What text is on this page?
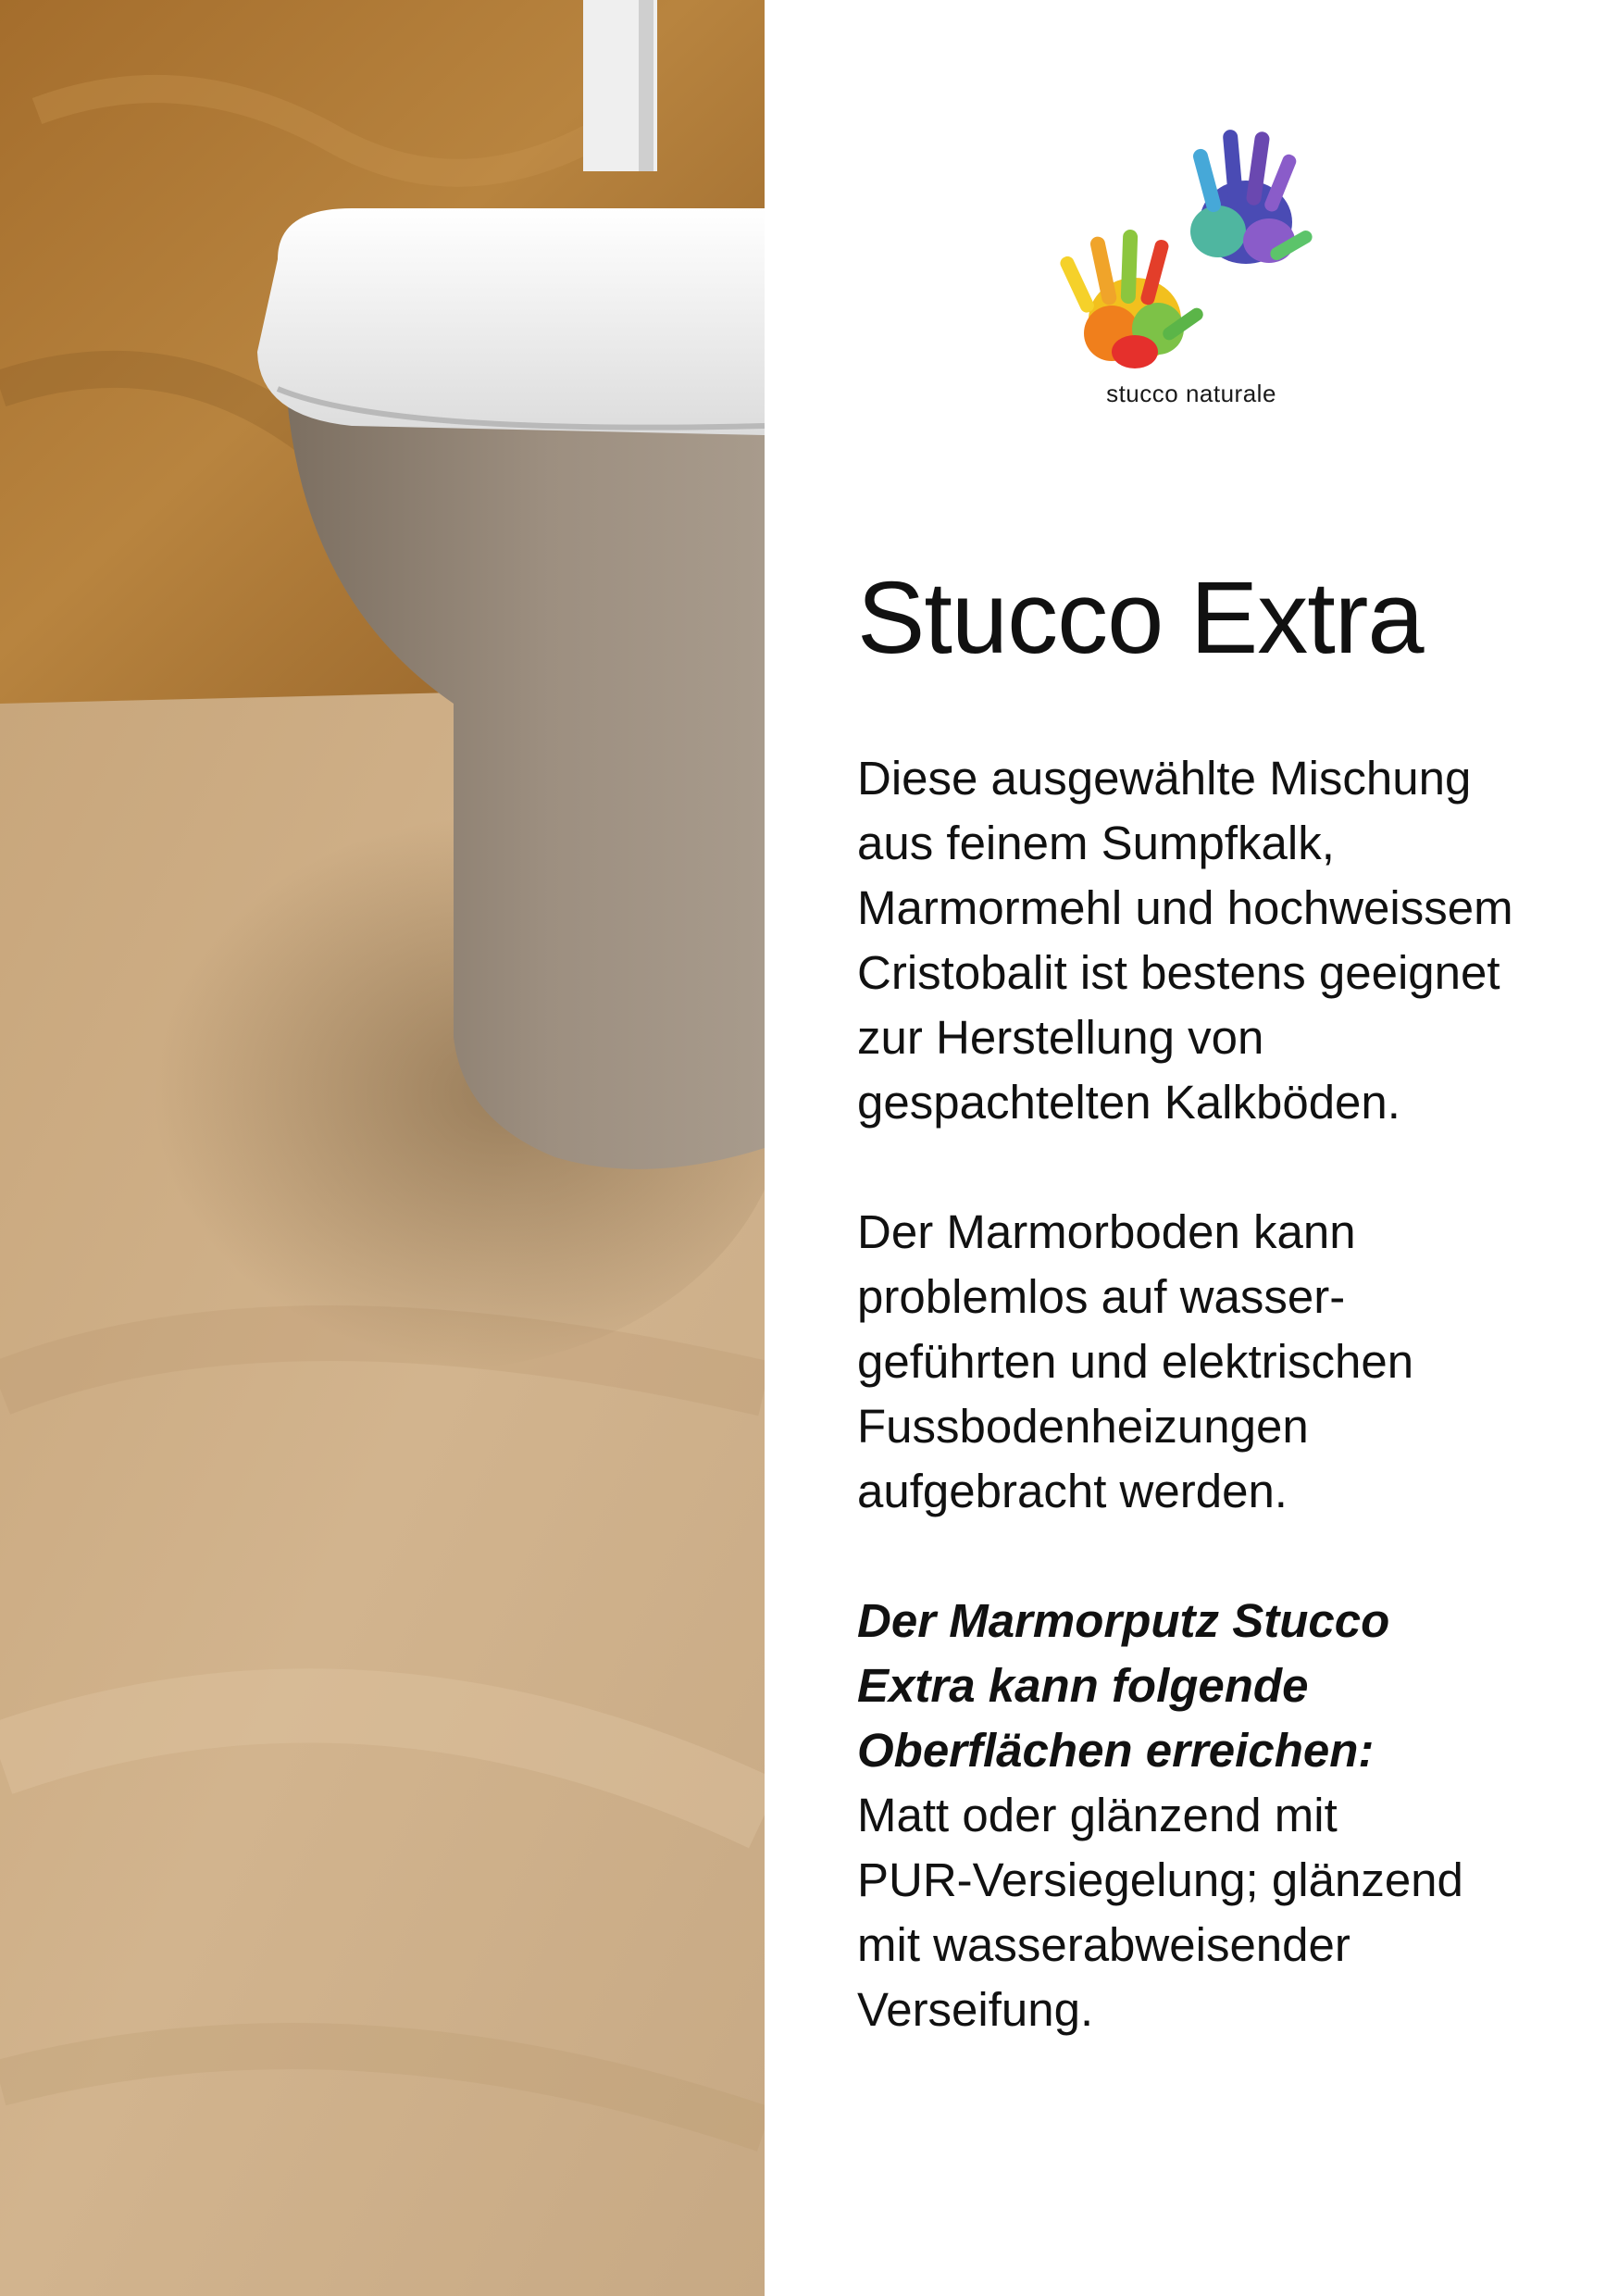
stucco naturale
Stucco Extra

Diese ausgewählte Mischung
aus feinem Sumpfkalk,
Marmormehl und hochweissem
Cristobalit ist bestens geeignet
zur Herstellung von
gespachtelten Kalkböden.

Der Marmorboden kann
problemlos auf wasser-
geführten und elektrischen
Fussbodenheizungen
aufgebracht werden.

Der Marmorputz Stucco
Extra kann folgende
Oberflächen erreichen:
Matt oder glänzend mit
PUR-Versiegelung; glänzend
mit wasserabweisender
Verseifung.
